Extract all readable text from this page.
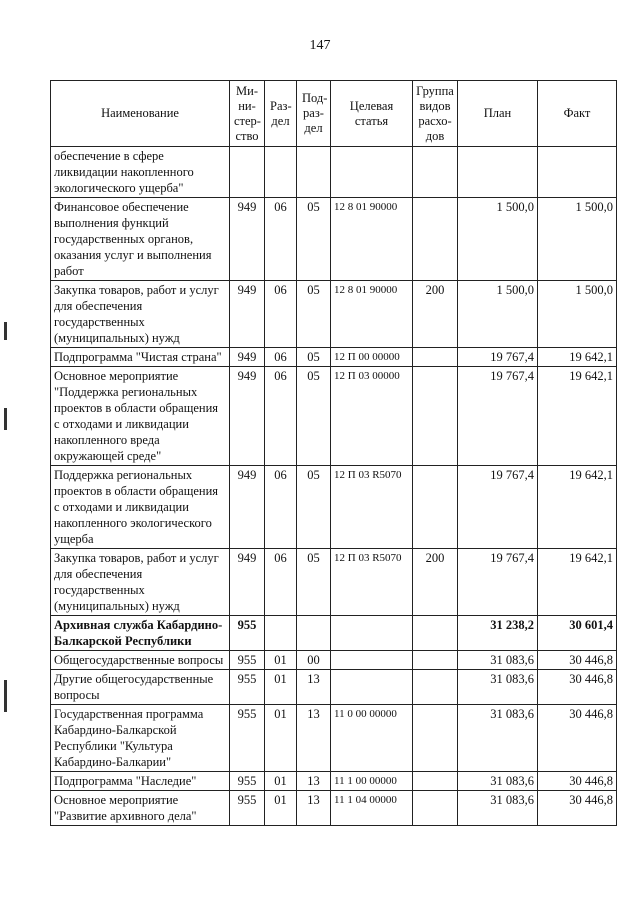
147
Наименование	Ми-ни-стер-ство	Раз-дел	Под-раз-дел	Целевая статья	Группа видов расхо-дов	План	Факт
обеспечение в сфере ликвидации накопленного экологического ущерба"							
Финансовое обеспечение выполнения функций государственных органов, оказания услуг и выполнения работ	949	06	05	12 8 01 90000		1 500,0	1 500,0
Закупка товаров, работ и услуг для обеспечения государственных (муниципальных) нужд	949	06	05	12 8 01 90000	200	1 500,0	1 500,0
Подпрограмма "Чистая страна"	949	06	05	12 П 00 00000		19 767,4	19 642,1
Основное мероприятие "Поддержка региональных проектов в области обращения с отходами и ликвидации накопленного вреда окружающей среде"	949	06	05	12 П 03 00000		19 767,4	19 642,1
Поддержка региональных проектов в области обращения с отходами и ликвидации накопленного экологического ущерба	949	06	05	12 П 03 R5070		19 767,4	19 642,1
Закупка товаров, работ и услуг для обеспечения государственных (муниципальных) нужд	949	06	05	12 П 03 R5070	200	19 767,4	19 642,1
Архивная служба Кабардино-Балкарской Республики	955					31 238,2	30 601,4
Общегосударственные вопросы	955	01	00			31 083,6	30 446,8
Другие общегосударственные вопросы	955	01	13			31 083,6	30 446,8
Государственная программа Кабардино-Балкарской Республики "Культура Кабардино-Балкарии"	955	01	13	11 0 00 00000		31 083,6	30 446,8
Подпрограмма "Наследие"	955	01	13	11 1 00 00000		31 083,6	30 446,8
Основное мероприятие "Развитие архивного дела"	955	01	13	11 1 04 00000		31 083,6	30 446,8
